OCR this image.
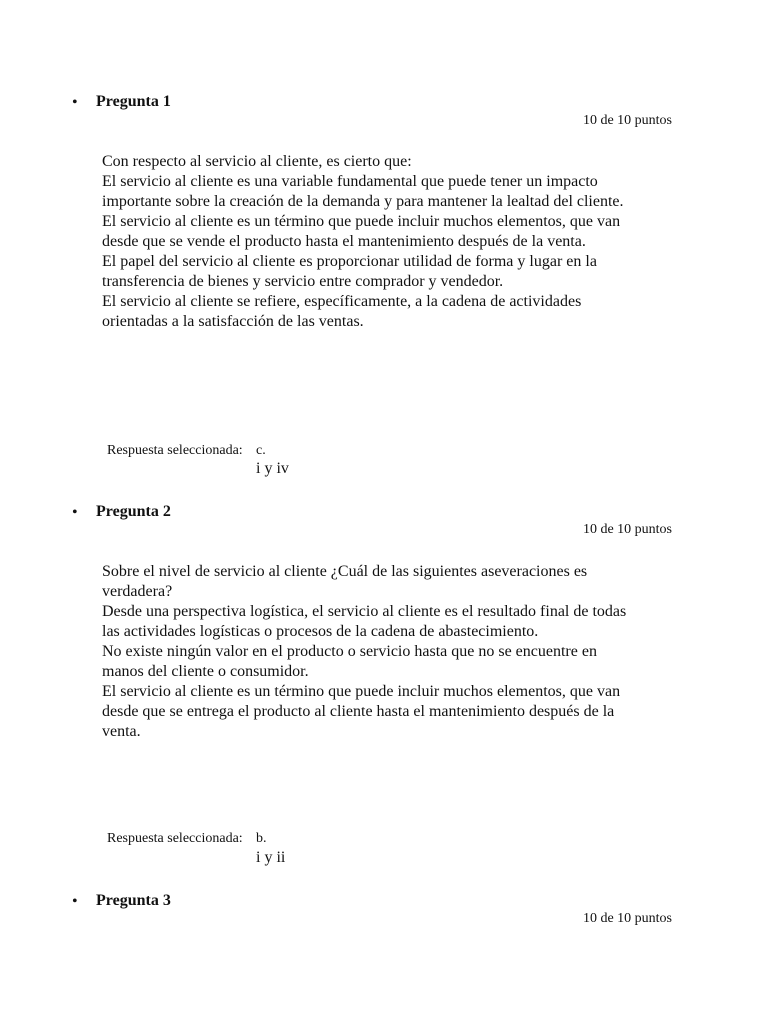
• Pregunta 1
10 de 10 puntos

Con respecto al servicio al cliente, es cierto que:

El servicio al cliente es una variable fundamental que puede tener un impacto importante sobre la creación de la demanda y para mantener la lealtad del cliente.

El servicio al cliente es un término que puede incluir muchos elementos, que van desde que se vende el producto hasta el mantenimiento después de la venta.

El papel del servicio al cliente es proporcionar utilidad de forma y lugar en la transferencia de bienes y servicio entre comprador y vendedor.

El servicio al cliente se refiere, específicamente, a la cadena de actividades orientadas a la satisfacción de las ventas.

Respuesta seleccionada: c.
i y iv
• Pregunta 2
10 de 10 puntos

Sobre el nivel de servicio al cliente ¿Cuál de las siguientes aseveraciones es verdadera?

Desde una perspectiva logística, el servicio al cliente es el resultado final de todas las actividades logísticas o procesos de la cadena de abastecimiento.

No existe ningún valor en el producto o servicio hasta que no se encuentre en manos del cliente o consumidor.

El servicio al cliente es un término que puede incluir muchos elementos, que van desde que se entrega el producto al cliente hasta el mantenimiento después de la venta.

Respuesta seleccionada: b.
i y ii
• Pregunta 3
10 de 10 puntos
